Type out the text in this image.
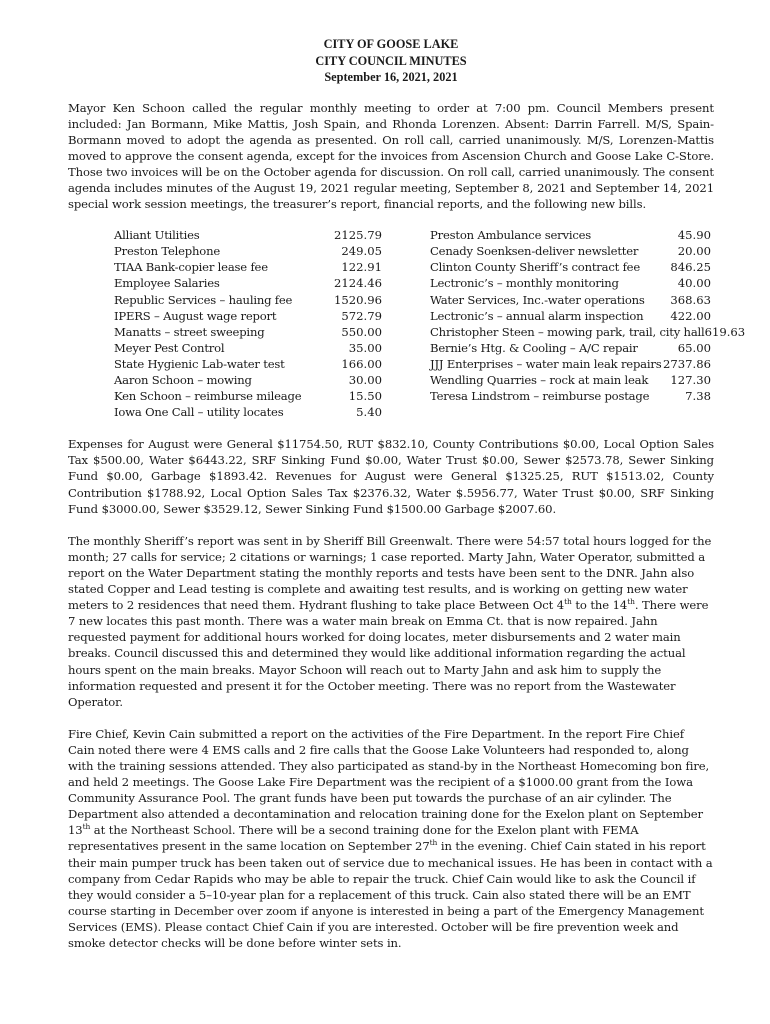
CITY OF GOOSE LAKE
CITY COUNCIL MINUTES
September 16, 2021, 2021

Mayor Ken Schoon called the regular monthly meeting to order at 7:00 pm. Council Members present included: Jan Bormann, Mike Mattis, Josh Spain, and Rhonda Lorenzen. Absent: Darrin Farrell. M/S, Spain-Bormann moved to adopt the agenda as presented. On roll call, carried unanimously. M/S, Lorenzen-Mattis moved to approve the consent agenda, except for the invoices from Ascension Church and Goose Lake C-Store. Those two invoices will be on the October agenda for discussion. On roll call, carried unanimously. The consent agenda includes minutes of the August 19, 2021 regular meeting, September 8, 2021 and September 14, 2021 special work session meetings, the treasurer’s report, financial reports, and the following new bills.

Alliant Utilities	2125.79
Preston Telephone	249.05
TIAA Bank-copier lease fee	122.91
Employee Salaries	2124.46
Republic Services – hauling fee	1520.96
IPERS – August wage report	572.79
Manatts – street sweeping	550.00
Meyer Pest Control	35.00
State Hygienic Lab-water test	166.00
Aaron Schoon – mowing	30.00
Ken Schoon – reimburse mileage	15.50
Iowa One Call – utility locates	5.40
Preston Ambulance services	45.90
Cenady Soenksen-deliver newsletter	20.00
Clinton County Sheriff’s contract fee	846.25
Lectronic’s – monthly monitoring	40.00
Water Services, Inc.-water operations 368.63
Lectronic’s – annual alarm inspection 422.00
Christopher Steen – mowing park, trail, city hall 619.63
Bernie’s Htg. & Cooling – A/C repair	65.00
JJJ Enterprises – water main leak repairs 2737.86
Wendling Quarries – rock at main leak 127.30
Teresa Lindstrom – reimburse postage	7.38

Expenses for August were General $11754.50, RUT $832.10, County Contributions $0.00, Local Option Sales Tax $500.00, Water $6443.22, SRF Sinking Fund $0.00, Water Trust $0.00, Sewer $2573.78, Sewer Sinking Fund $0.00, Garbage $1893.42. Revenues for August were General $1325.25, RUT $1513.02, County Contribution $1788.92, Local Option Sales Tax $2376.32, Water $.5956.77, Water Trust $0.00, SRF Sinking Fund $3000.00, Sewer $3529.12, Sewer Sinking Fund $1500.00 Garbage $2007.60.

The monthly Sheriff’s report was sent in by Sheriff Bill Greenwalt. There were 54:57 total hours logged for the month; 27 calls for service; 2 citations or warnings; 1 case reported. Marty Jahn, Water Operator, submitted a report on the Water Department stating the monthly reports and tests have been sent to the DNR. Jahn also stated Copper and Lead testing is complete and awaiting test results, and is working on getting new water meters to 2 residences that need them. Hydrant flushing to take place Between Oct 4th to the 14th. There were 7 new locates this past month. There was a water main break on Emma Ct. that is now repaired. Jahn requested payment for additional hours worked for doing locates, meter disbursements and 2 water main breaks. Council discussed this and determined they would like additional information regarding the actual hours spent on the main breaks. Mayor Schoon will reach out to Marty Jahn and ask him to supply the information requested and present it for the October meeting. There was no report from the Wastewater Operator.

Fire Chief, Kevin Cain submitted a report on the activities of the Fire Department. In the report Fire Chief Cain noted there were 4 EMS calls and 2 fire calls that the Goose Lake Volunteers had responded to, along with the training sessions attended. They also participated as stand-by in the Northeast Homecoming bon fire, and held 2 meetings. The Goose Lake Fire Department was the recipient of a $1000.00 grant from the Iowa Community Assurance Pool. The grant funds have been put towards the purchase of an air cylinder. The Department also attended a decontamination and relocation training done for the Exelon plant on September 13th at the Northeast School. There will be a second training done for the Exelon plant with FEMA representatives present in the same location on September 27th in the evening. Chief Cain stated in his report their main pumper truck has been taken out of service due to mechanical issues. He has been in contact with a company from Cedar Rapids who may be able to repair the truck. Chief Cain would like to ask the Council if they would consider a 5–10-year plan for a replacement of this truck. Cain also stated there will be an EMT course starting in December over zoom if anyone is interested in being a part of the Emergency Management Services (EMS). Please contact Chief Cain if you are interested. October will be fire prevention week and smoke detector checks will be done before winter sets in.
